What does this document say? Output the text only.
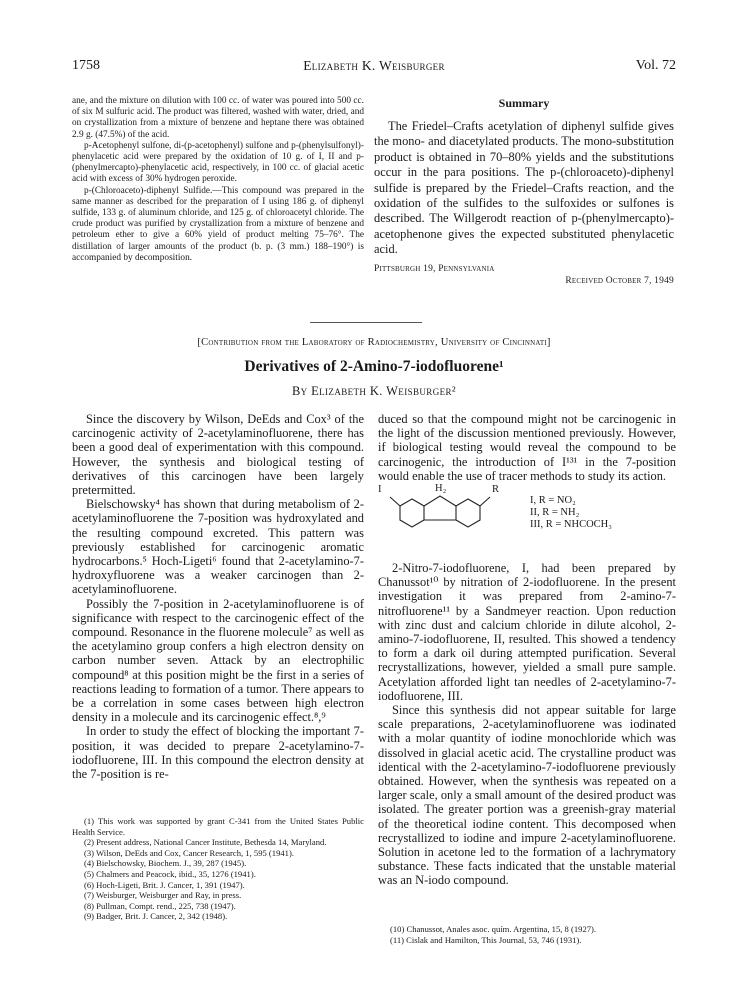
1758	Elizabeth K. Weisburger	Vol. 72

ane, and the mixture on dilution with 100 cc. of water was poured into 500 cc. of six M sulfuric acid. The product was filtered, washed with water, dried, and on crystallization from a mixture of benzene and heptane there was obtained 2.9 g. (47.5%) of the acid.

p-Acetophenyl sulfone, di-(p-acetophenyl) sulfone and p-(phenylsulfonyl)-phenylacetic acid were prepared by the oxidation of 10 g. of I, II and p-(phenylmercapto)-phenylacetic acid, respectively, in 100 cc. of glacial acetic acid with excess of 30% hydrogen peroxide.

p-(Chloroaceto)-diphenyl Sulfide.—This compound was prepared in the same manner as described for the preparation of I using 186 g. of diphenyl sulfide, 133 g. of aluminum chloride, and 125 g. of chloroacetyl chloride. The crude product was purified by crystallization from a mixture of benzene and petroleum ether to give a 60% yield of product melting 75–76°. The distillation of larger amounts of the product (b. p. (3 mm.) 188–190°) is accompanied by decomposition.

Summary

The Friedel–Crafts acetylation of diphenyl sulfide gives the mono- and diacetylated products. The mono-substitution product is obtained in 70–80% yields and the substitutions occur in the para positions. The p-(chloroaceto)-diphenyl sulfide is prepared by the Friedel–Crafts reaction, and the oxidation of the sulfides to the sulfoxides or sulfones is described. The Willgerodt reaction of p-(phenylmercapto)-acetophenone gives the expected substituted phenylacetic acid.

Pittsburgh 19, Pennsylvania
Received October 7, 1949
[Contribution from the Laboratory of Radiochemistry, University of Cincinnati]
Derivatives of 2-Amino-7-iodofluorene¹
By Elizabeth K. Weisburger²

Since the discovery by Wilson, DeEds and Cox³ of the carcinogenic activity of 2-acetylaminofluorene, there has been a good deal of experimentation with this compound. However, the synthesis and biological testing of derivatives of this carcinogen have been largely pretermitted.

Bielschowsky⁴ has shown that during metabolism of 2-acetylaminofluorene the 7-position was hydroxylated and the resulting compound excreted. This pattern was previously established for carcinogenic aromatic hydrocarbons.⁵ Hoch-Ligeti⁶ found that 2-acetylamino-7-hydroxyfluorene was a weaker carcinogen than 2-acetylaminofluorene.

Possibly the 7-position in 2-acetylaminofluorene is of significance with respect to the carcinogenic effect of the compound. Resonance in the fluorene molecule⁷ as well as the acetylamino group confers a high electron density on carbon number seven. Attack by an electrophilic compound⁸ at this position might be the first in a series of reactions leading to formation of a tumor. There appears to be a correlation in some cases between high electron density in a molecule and its carcinogenic effect.⁸,⁹

In order to study the effect of blocking the important 7-position, it was decided to prepare 2-acetylamino-7-iodofluorene, III. In this compound the electron density at the 7-position is re-

(1) This work was supported by grant C-341 from the United States Public Health Service.
(2) Present address, National Cancer Institute, Bethesda 14, Maryland.
(3) Wilson, DeEds and Cox, Cancer Research, 1, 595 (1941).
(4) Bielschowsky, Biochem. J., 39, 287 (1945).
(5) Chalmers and Peacock, ibid., 35, 1276 (1941).
(6) Hoch-Ligeti, Brit. J. Cancer, 1, 391 (1947).
(7) Weisburger, Weisburger and Ray, in press.
(8) Pullman, Compt. rend., 225, 738 (1947).
(9) Badger, Brit. J. Cancer, 2, 342 (1948).

duced so that the compound might not be carcinogenic in the light of the discussion mentioned previously. However, if biological testing would reveal the compound to be carcinogenic, the introduction of I¹³¹ in the 7-position would enable the use of tracer methods to study its action.

I	H₂	R
I, R = NO₂
II, R = NH₂
III, R = NHCOCH₃

2-Nitro-7-iodofluorene, I, had been prepared by Chanussot¹⁰ by nitration of 2-iodofluorene. In the present investigation it was prepared from 2-amino-7-nitrofluorene¹¹ by a Sandmeyer reaction. Upon reduction with zinc dust and calcium chloride in dilute alcohol, 2-amino-7-iodofluorene, II, resulted. This showed a tendency to form a dark oil during attempted purification. Several recrystallizations, however, yielded a small pure sample. Acetylation afforded light tan needles of 2-acetylamino-7-iodofluorene, III.

Since this synthesis did not appear suitable for large scale preparations, 2-acetylaminofluorene was iodinated with a molar quantity of iodine monochloride which was dissolved in glacial acetic acid. The crystalline product was identical with the 2-acetylamino-7-iodofluorene previously obtained. However, when the synthesis was repeated on a larger scale, only a small amount of the desired product was isolated. The greater portion was a greenish-gray material of the theoretical iodine content. This decomposed when recrystallized to iodine and impure 2-acetylaminofluorene. Solution in acetone led to the formation of a lachrymatory substance. These facts indicated that the unstable material was an N-iodo compound.

(10) Chanussot, Anales asoc. quím. Argentina, 15, 8 (1927).
(11) Cislak and Hamilton, This Journal, 53, 746 (1931).
